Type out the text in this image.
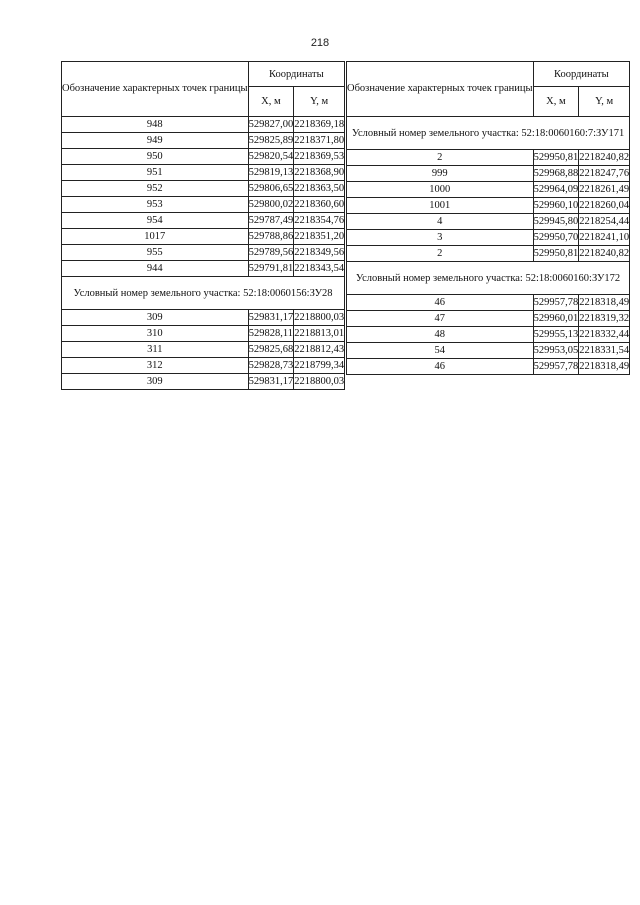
218
Обозначение характерных точек границы	Координаты	
	X, м	Y, м
948	529827,00	2218369,18
949	529825,89	2218371,80
950	529820,54	2218369,53
951	529819,13	2218368,90
952	529806,65	2218363,50
953	529800,02	2218360,60
954	529787,49	2218354,76
1017	529788,86	2218351,20
955	529789,56	2218349,56
944	529791,81	2218343,54
Условный номер земельного участка: 52:18:0060156:ЗУ28		
309	529831,17	2218800,03
310	529828,11	2218813,01
311	529825,68	2218812,43
312	529828,73	2218799,34
309	529831,17	2218800,03
Обозначение характерных точек границы	Координаты	
	X, м	Y, м
Условный номер земельного участка: 52:18:0060160:7:ЗУ171		
2	529950,81	2218240,82
999	529968,88	2218247,76
1000	529964,09	2218261,49
1001	529960,10	2218260,04
4	529945,80	2218254,44
3	529950,70	2218241,10
2	529950,81	2218240,82
Условный номер земельного участка: 52:18:0060160:ЗУ172		
46	529957,78	2218318,49
47	529960,01	2218319,32
48	529955,13	2218332,44
54	529953,05	2218331,54
46	529957,78	2218318,49
